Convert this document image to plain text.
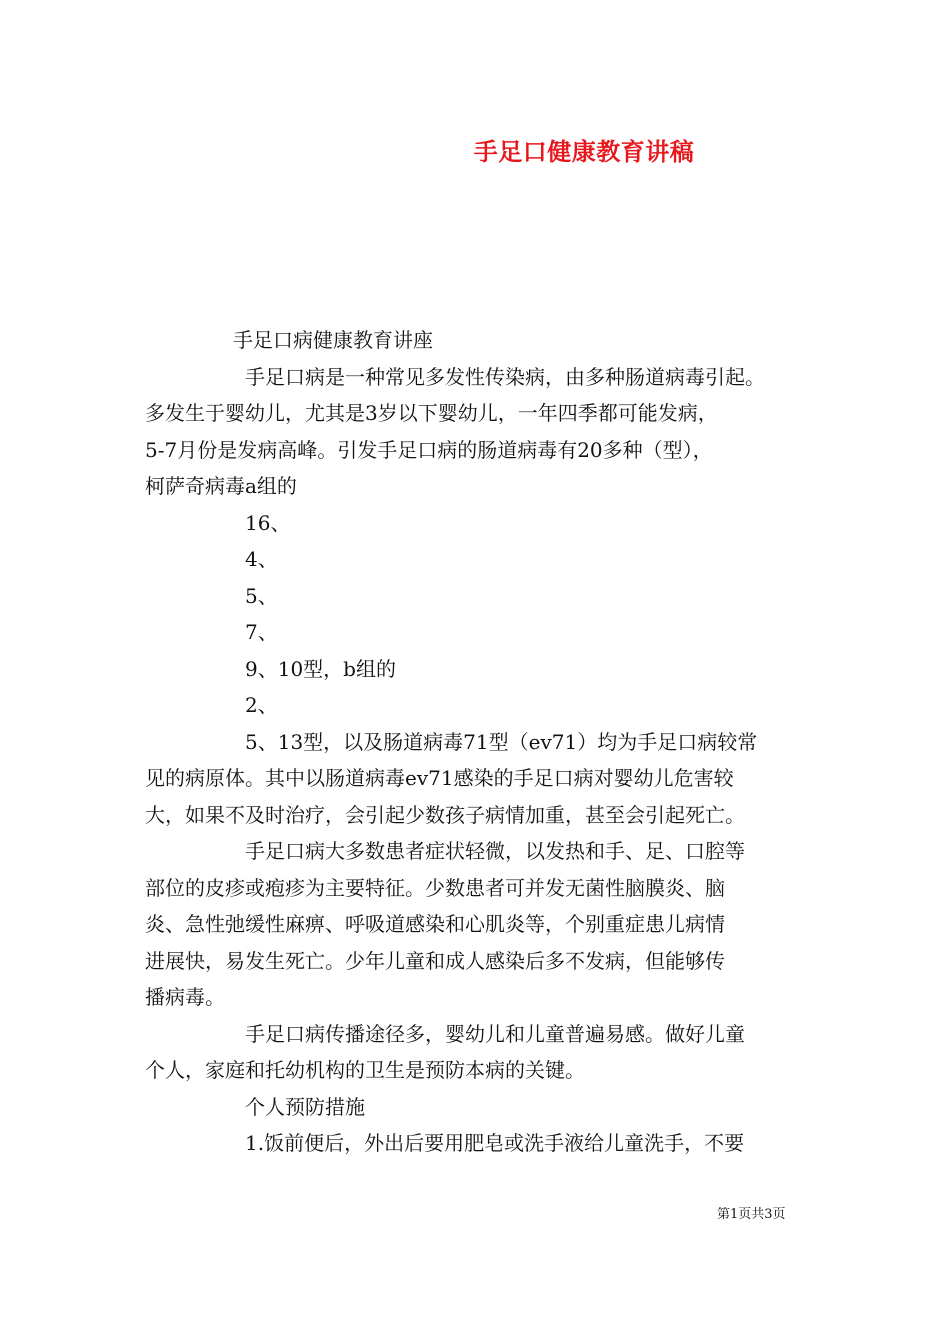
手足口健康教育讲稿
手足口病健康教育讲座
手足口病是一种常见多发性传染病，由多种肠道病毒引起。
多发生于婴幼儿，尤其是3岁以下婴幼儿，一年四季都可能发病，
5-7月份是发病高峰。引发手足口病的肠道病毒有20多种（型），
柯萨奇病毒a组的
16、
4、
5、
7、
9、10型，b组的
2、
5、13型，以及肠道病毒71型（ev71）均为手足口病较常
见的病原体。其中以肠道病毒ev71感染的手足口病对婴幼儿危害较
大，如果不及时治疗，会引起少数孩子病情加重，甚至会引起死亡。
手足口病大多数患者症状轻微，以发热和手、足、口腔等
部位的皮疹或疱疹为主要特征。少数患者可并发无菌性脑膜炎、脑
炎、急性弛缓性麻痹、呼吸道感染和心肌炎等，个别重症患儿病情
进展快，易发生死亡。少年儿童和成人感染后多不发病，但能够传
播病毒。
手足口病传播途径多，婴幼儿和儿童普遍易感。做好儿童
个人，家庭和托幼机构的卫生是预防本病的关键。
个人预防措施
1.饭前便后，外出后要用肥皂或洗手液给儿童洗手，不要
第1页共3页
